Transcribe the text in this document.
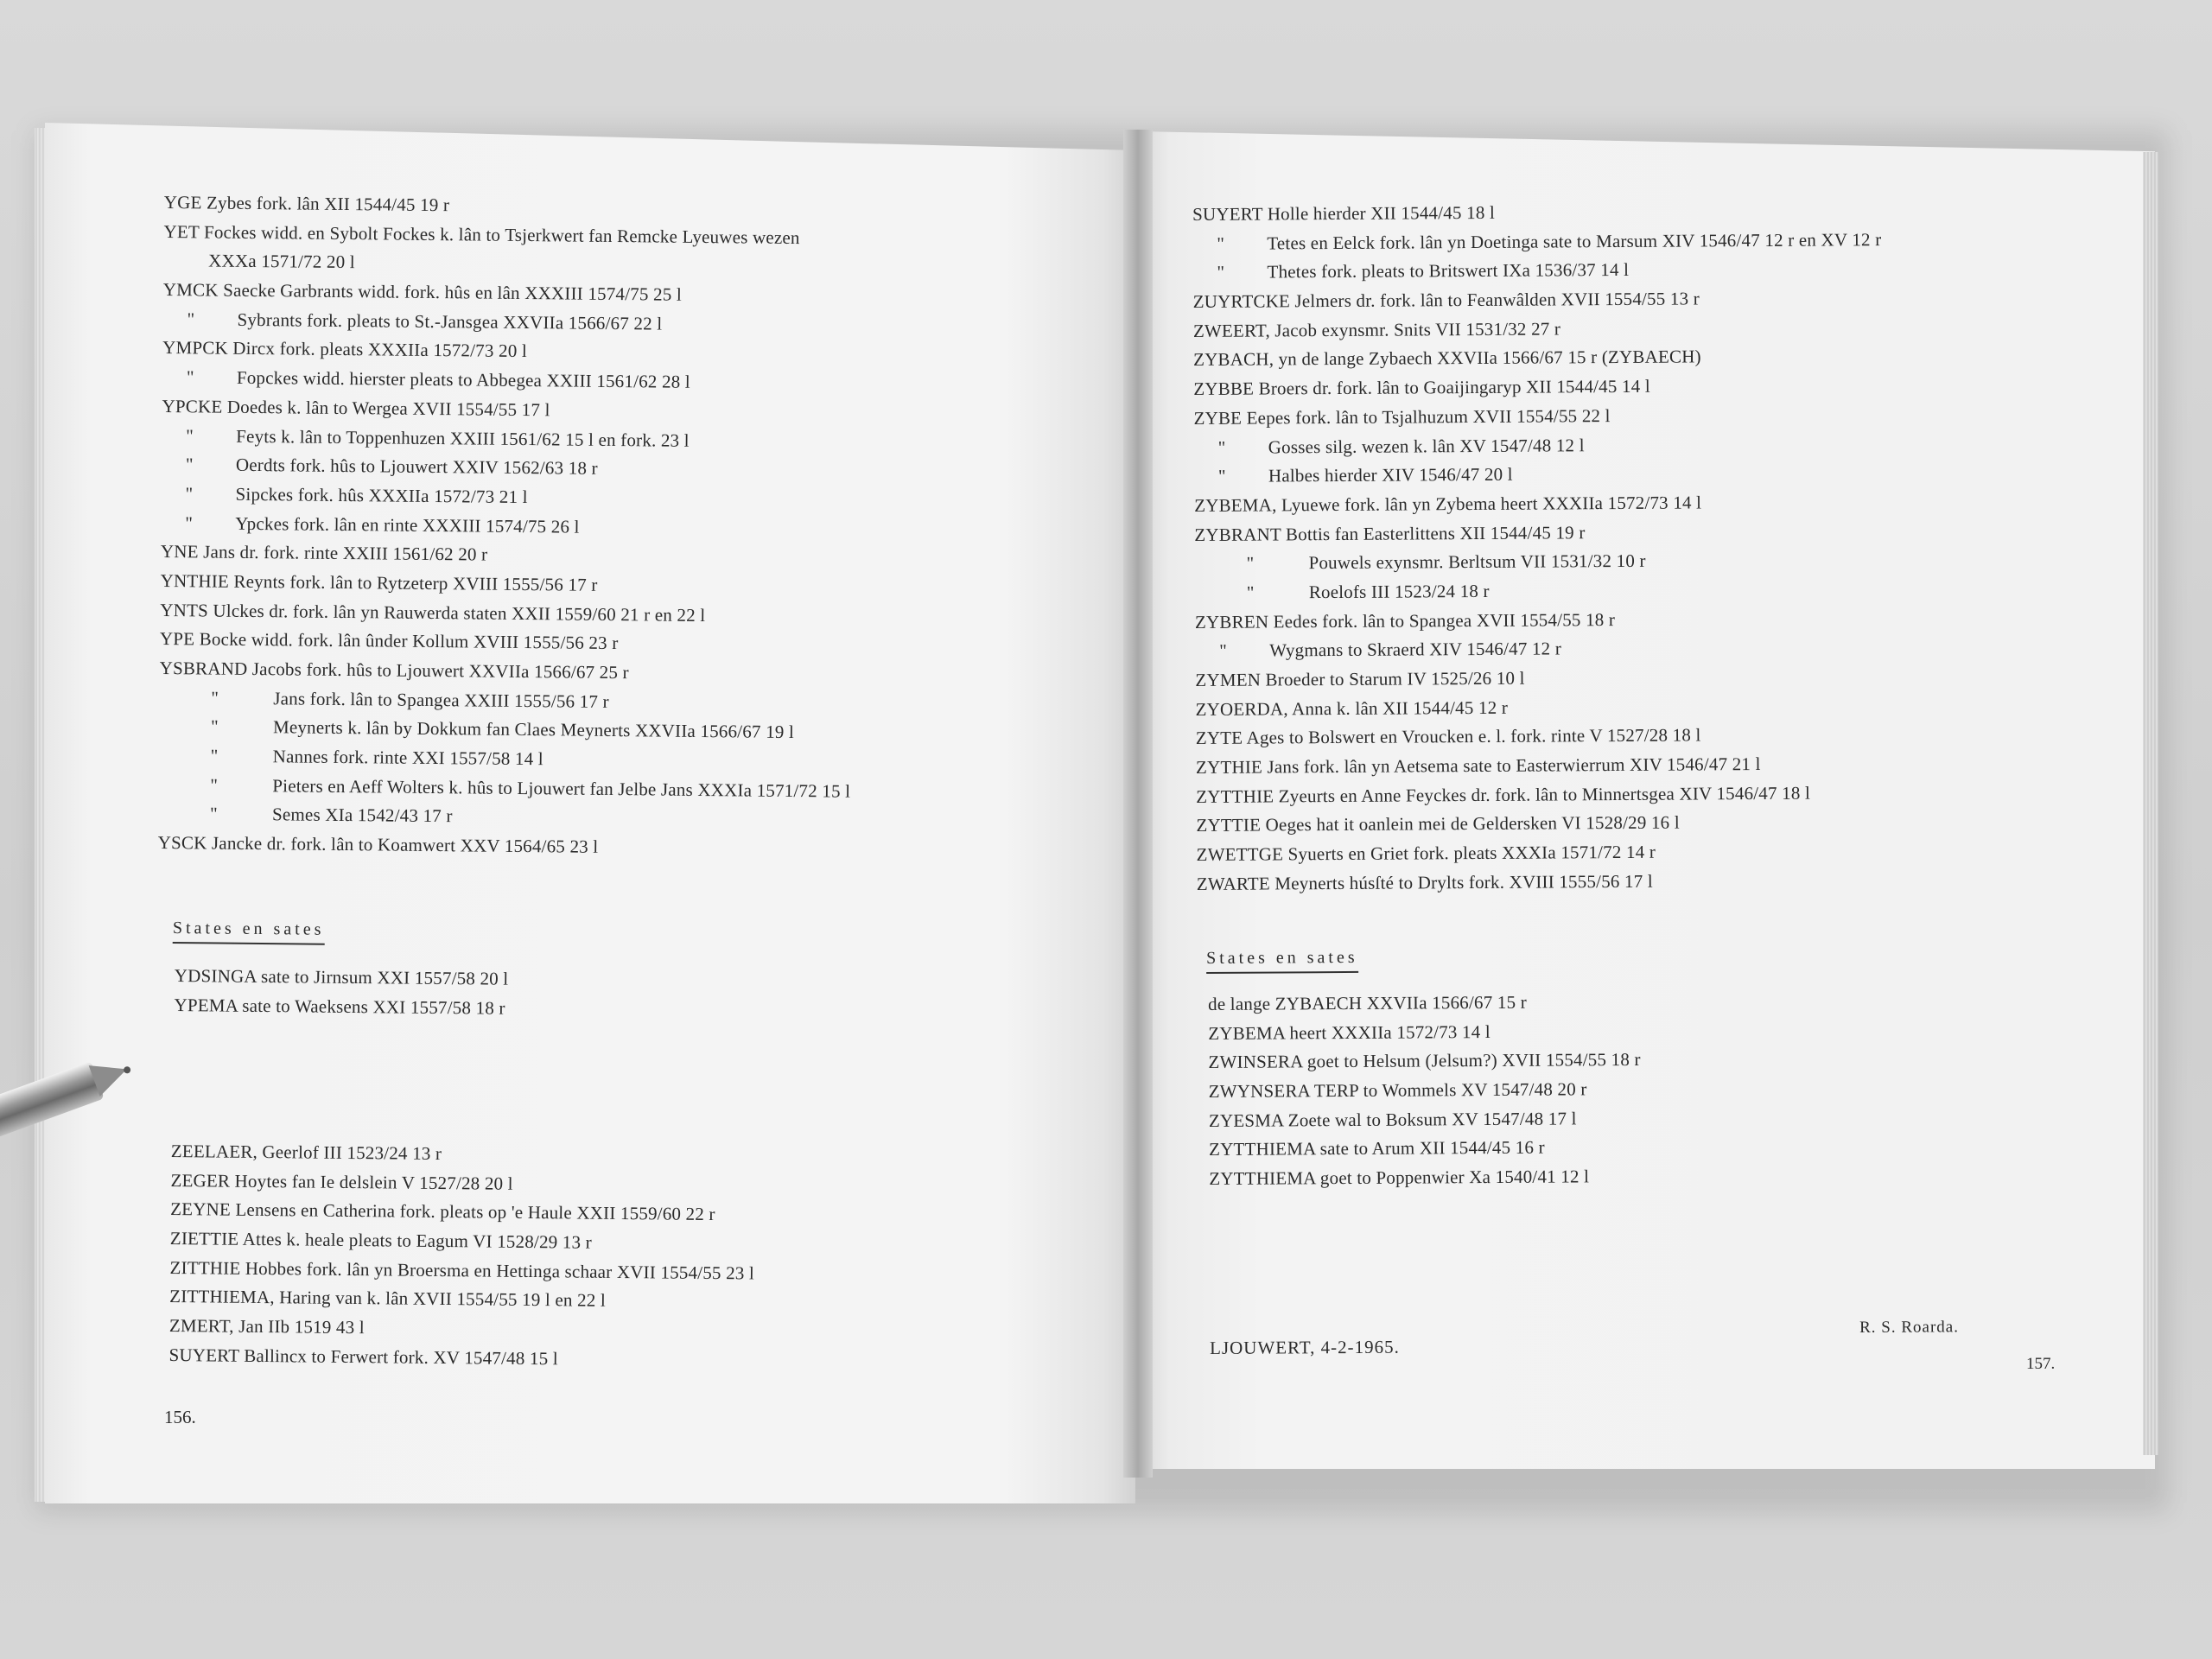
YGE Zybes fork. lân XII 1544/45 19 r
YET Fockes widd. en Sybolt Fockes k. lân to Tsjerkwert fan Remcke Lyeuwes wezen
XXXa 1571/72 20 l
YMCK Saecke Garbrants widd. fork. hûs en lân XXXIII 1574/75 25 l
" Sybrants fork. pleats to St.-Jansgea XXVIIa 1566/67 22 l
YMPCK Dircx fork. pleats XXXIIa 1572/73 20 l
" Fopckes widd. hierster pleats to Abbegea XXIII 1561/62 28 l
YPCKE Doedes k. lân to Wergea XVII 1554/55 17 l
" Feyts k. lân to Toppenhuzen XXIII 1561/62 15 l en fork. 23 l
" Oerdts fork. hûs to Ljouwert XXIV 1562/63 18 r
" Sipckes fork. hûs XXXIIa 1572/73 21 l
" Ypckes fork. lân en rinte XXXIII 1574/75 26 l
YNE Jans dr. fork. rinte XXIII 1561/62 20 r
YNTHIE Reynts fork. lân to Rytzeterp XVIII 1555/56 17 r
YNTS Ulckes dr. fork. lân yn Rauwerda staten XXII 1559/60 21 r en 22 l
YPE Bocke widd. fork. lân ûnder Kollum XVIII 1555/56 23 r
YSBRAND Jacobs fork. hûs to Ljouwert XXVIIa 1566/67 25 r
"	Jans fork. lân to Spangea XXIII 1555/56 17 r
"	Meynerts k. lân by Dokkum fan Claes Meynerts XXVIIa 1566/67 19 l
"	Nannes fork. rinte XXI 1557/58 14 l
"	Pieters en Aeff Wolters k. hûs to Ljouwert fan Jelbe Jans XXXIa 1571/72 15 l
"	Semes XIa 1542/43 17 r
YSCK Jancke dr. fork. lân to Koamwert XXV 1564/65 23 l
States en sates
YDSINGA sate to Jirnsum XXI 1557/58 20 l
YPEMA sate to Waeksens XXI 1557/58 18 r
ZEELAER, Geerlof III 1523/24 13 r
ZEGER Hoytes fan Ie delslein V 1527/28 20 l
ZEYNE Lensens en Catherina fork. pleats op 'e Haule XXII 1559/60 22 r
ZIETTIE Attes k. heale pleats to Eagum VI 1528/29 13 r
ZITTHIE Hobbes fork. lân yn Broersma en Hettinga schaar XVII 1554/55 23 l
ZITTHIEMA, Haring van k. lân XVII 1554/55 19 l en 22 l
ZMERT, Jan IIb 1519 43 l
SUYERT Ballincx to Ferwert fork. XV 1547/48 15 l
156.
SUYERT Holle hierder XII 1544/45 18 l
" Tetes en Eelck fork. lân yn Doetinga sate to Marsum XIV 1546/47 12 r en XV 12 r
" Thetes fork. pleats to Britswert IXa 1536/37 14 l
ZUYRTCKE Jelmers dr. fork. lân to Feanwâlden XVII 1554/55 13 r
ZWEERT, Jacob exynsmr. Snits VII 1531/32 27 r
ZYBACH, yn de lange Zybaech XXVIIa 1566/67 15 r (ZYBAECH)
ZYBBE Broers dr. fork. lân to Goaijingaryp XII 1544/45 14 l
ZYBE Eepes fork. lân to Tsjalhuzum XVII 1554/55 22 l
" Gosses silg. wezen k. lân XV 1547/48 12 l
" Halbes hierder XIV 1546/47 20 l
ZYBEMA, Lyuewe fork. lân yn Zybema heert XXXIIa 1572/73 14 l
ZYBRANT Bottis fan Easterlittens XII 1544/45 19 r
"	Pouwels exynsmr. Berltsum VII 1531/32 10 r
"	Roelofs III 1523/24 18 r
ZYBREN Eedes fork. lân to Spangea XVII 1554/55 18 r
" Wygmans to Skraerd XIV 1546/47 12 r
ZYMEN Broeder to Starum IV 1525/26 10 l
ZYOERDA, Anna k. lân XII 1544/45 12 r
ZYTE Ages to Bolswert en Vroucken e. l. fork. rinte V 1527/28 18 l
ZYTHIE Jans fork. lân yn Aetsema sate to Easterwierrum XIV 1546/47 21 l
ZYTTHIE Zyeurts en Anne Feyckes dr. fork. lân to Minnertsgea XIV 1546/47 18 l
ZYTTIE Oeges hat it oanlein mei de Geldersken VI 1528/29 16 l
ZWETTGE Syuerts en Griet fork. pleats XXXIa 1571/72 14 r
ZWARTE Meynerts húsſté to Drylts fork. XVIII 1555/56 17 l
States en sates
de lange ZYBAECH XXVIIa 1566/67 15 r
ZYBEMA heert XXXIIa 1572/73 14 l
ZWINSERA goet to Helsum (Jelsum?) XVII 1554/55 18 r
ZWYNSERA TERP to Wommels XV 1547/48 20 r
ZYESMA Zoete wal to Boksum XV 1547/48 17 l
ZYTTHIEMA sate to Arum XII 1544/45 16 r
ZYTTHIEMA goet to Poppenwier Xa 1540/41 12 l
LJOUWERT, 4-2-1965.
R. S. Roarda.
157.
